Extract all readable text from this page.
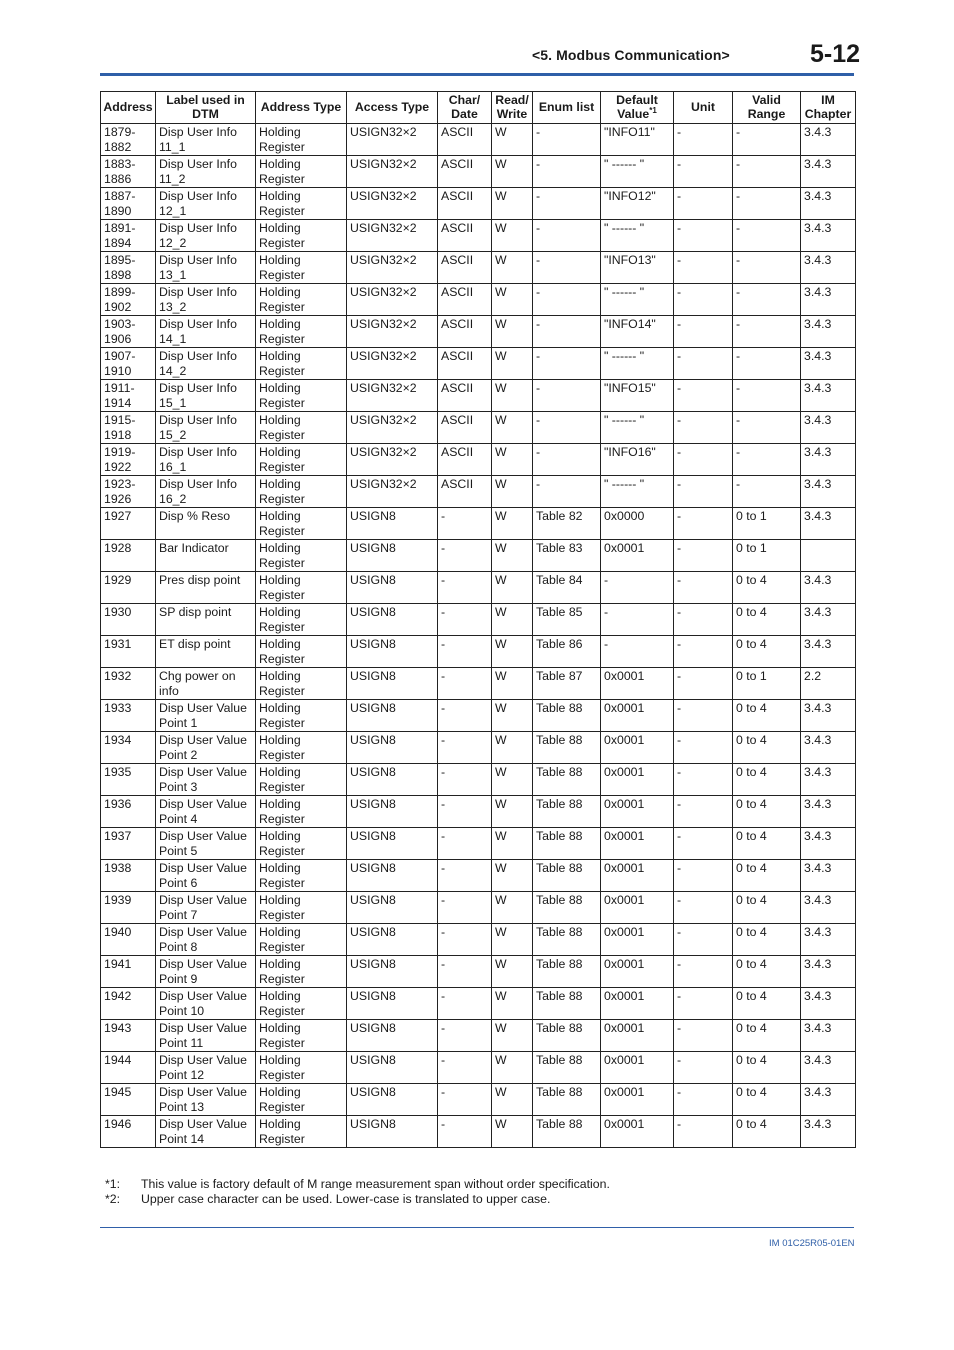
<5. Modbus Communication>	5-12
Address	Label used in DTM	Address Type	Access Type	Char/ Date	Read/ Write	Enum list	Default Value$^{*1}$	Unit	Valid Range	IM Chapter
1879- 1882	Disp User Info 11_1	Holding Register	USIGN32×2	ASCII	W	-	"INFO11"	-	-	3.4.3
1883- 1886	Disp User Info 11_2	Holding Register	USIGN32×2	ASCII	W	-	" ------ "	-	-	3.4.3
1887- 1890	Disp User Info 12_1	Holding Register	USIGN32×2	ASCII	W	-	"INFO12"	-	-	3.4.3
1891- 1894	Disp User Info 12_2	Holding Register	USIGN32×2	ASCII	W	-	" ------ "	-	-	3.4.3
1895- 1898	Disp User Info 13_1	Holding Register	USIGN32×2	ASCII	W	-	"INFO13"	-	-	3.4.3
1899- 1902	Disp User Info 13_2	Holding Register	USIGN32×2	ASCII	W	-	" ------ "	-	-	3.4.3
1903- 1906	Disp User Info 14_1	Holding Register	USIGN32×2	ASCII	W	-	"INFO14"	-	-	3.4.3
1907- 1910	Disp User Info 14_2	Holding Register	USIGN32×2	ASCII	W	-	" ------ "	-	-	3.4.3
1911- 1914	Disp User Info 15_1	Holding Register	USIGN32×2	ASCII	W	-	"INFO15"	-	-	3.4.3
1915- 1918	Disp User Info 15_2	Holding Register	USIGN32×2	ASCII	W	-	" ------ "	-	-	3.4.3
1919- 1922	Disp User Info 16_1	Holding Register	USIGN32×2	ASCII	W	-	"INFO16"	-	-	3.4.3
1923- 1926	Disp User Info 16_2	Holding Register	USIGN32×2	ASCII	W	-	" ------ "	-	-	3.4.3
1927	Disp % Reso	Holding Register	USIGN8	-	W	Table 82	0x0000	-	0 to 1	3.4.3
1928	Bar Indicator	Holding Register	USIGN8	-	W	Table 83	0x0001	-	0 to 1	
1929	Pres disp point	Holding Register	USIGN8	-	W	Table 84	-	-	0 to 4	3.4.3
1930	SP disp point	Holding Register	USIGN8	-	W	Table 85	-	-	0 to 4	3.4.3
1931	ET disp point	Holding Register	USIGN8	-	W	Table 86	-	-	0 to 4	3.4.3
1932	Chg power on info	Holding Register	USIGN8	-	W	Table 87	0x0001	-	0 to 1	2.2
1933	Disp User Value Point 1	Holding Register	USIGN8	-	W	Table 88	0x0001	-	0 to 4	3.4.3
1934	Disp User Value Point 2	Holding Register	USIGN8	-	W	Table 88	0x0001	-	0 to 4	3.4.3
1935	Disp User Value Point 3	Holding Register	USIGN8	-	W	Table 88	0x0001	-	0 to 4	3.4.3
1936	Disp User Value Point 4	Holding Register	USIGN8	-	W	Table 88	0x0001	-	0 to 4	3.4.3
1937	Disp User Value Point 5	Holding Register	USIGN8	-	W	Table 88	0x0001	-	0 to 4	3.4.3
1938	Disp User Value Point 6	Holding Register	USIGN8	-	W	Table 88	0x0001	-	0 to 4	3.4.3
1939	Disp User Value Point 7	Holding Register	USIGN8	-	W	Table 88	0x0001	-	0 to 4	3.4.3
1940	Disp User Value Point 8	Holding Register	USIGN8	-	W	Table 88	0x0001	-	0 to 4	3.4.3
1941	Disp User Value Point 9	Holding Register	USIGN8	-	W	Table 88	0x0001	-	0 to 4	3.4.3
1942	Disp User Value Point 10	Holding Register	USIGN8	-	W	Table 88	0x0001	-	0 to 4	3.4.3
1943	Disp User Value Point 11	Holding Register	USIGN8	-	W	Table 88	0x0001	-	0 to 4	3.4.3
1944	Disp User Value Point 12	Holding Register	USIGN8	-	W	Table 88	0x0001	-	0 to 4	3.4.3
1945	Disp User Value Point 13	Holding Register	USIGN8	-	W	Table 88	0x0001	-	0 to 4	3.4.3
1946	Disp User Value Point 14	Holding Register	USIGN8	-	W	Table 88	0x0001	-	0 to 4	3.4.3
*1:	This value is factory default of M range measurement span without order specification.
*2:	Upper case character can be used. Lower-case is translated to upper case.
IM 01C25R05-01EN
